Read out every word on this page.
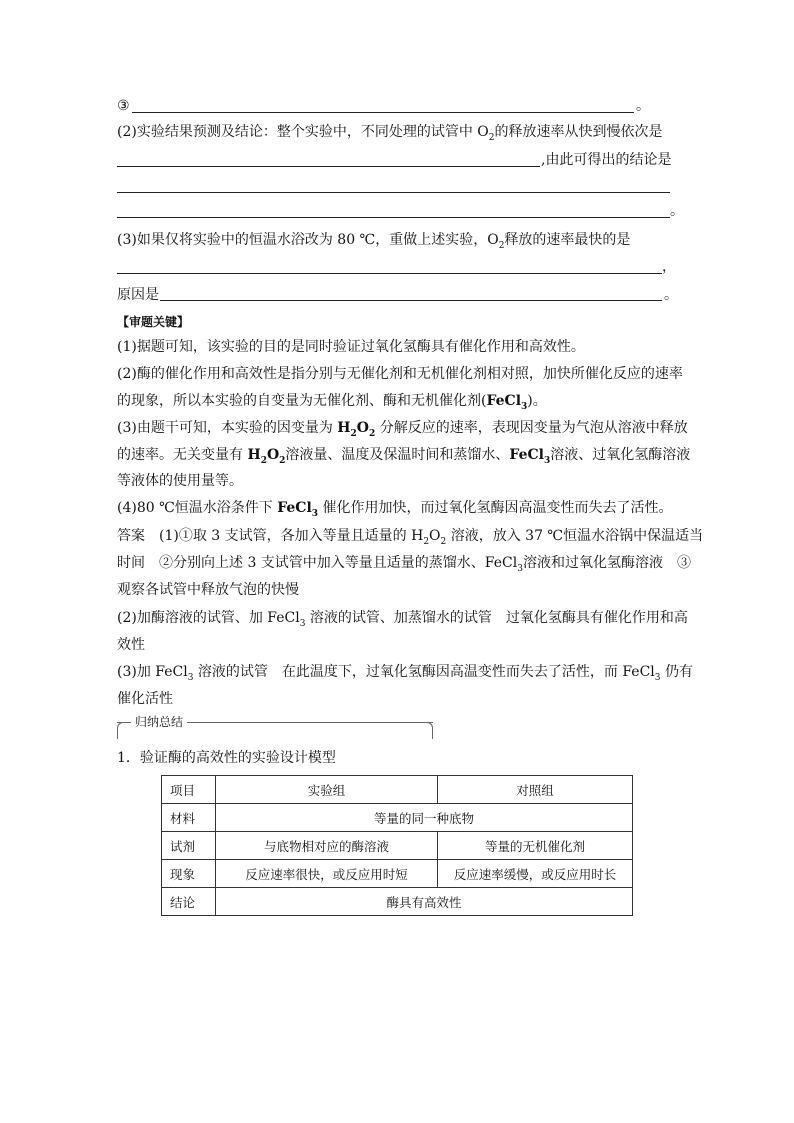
③	。
(2)实验结果预测及结论：整个实验中，不同处理的试管中 $O_2$的释放速率从快到慢依次是
,由此可得出的结论是
。
(3)如果仅将实验中的恒温水浴改为 80 ℃，重做上述实验，$O_2$释放的速率最快的是
，
原因是	。
【审题关键】
(1)据题可知，该实验的目的是同时验证过氧化氢酶具有催化作用和高效性。
(2)酶的催化作用和高效性是指分别与无催化剂和无机催化剂相对照，加快所催化反应的速率
的现象，所以本实验的自变量为无催化剂、酶和无机催化剂(FeCl$_3$)。
(3)由题干可知，本实验的因变量为 $H_2O_2$ 分解反应的速率，表现因变量为气泡从溶液中释放
的速率。无关变量有 $H_2O_2$溶液量、温度及保温时间和蒸馏水、FeCl$_3$溶液、过氧化氢酶溶液
等液体的使用量等。
(4)80 ℃恒温水浴条件下 FeCl$_3$ 催化作用加快，而过氧化氢酶因高温变性而失去了活性。
答案　 (1)①取 3 支试管，各加入等量且适量的 $H_2O_2$ 溶液，放入 37 ℃恒温水浴锅中保温适当
时间　②分别向上述 3 支试管中加入等量且适量的蒸馏水、FeCl$_3$溶液和过氧化氢酶溶液　③
观察各试管中释放气泡的快慢
(2)加酶溶液的试管、加 FeCl$_3$ 溶液的试管、加蒸馏水的试管　过氧化氢酶具有催化作用和高
效性
(3)加 FeCl$_3$ 溶液的试管　在此温度下，过氧化氢酶因高温变性而失去了活性，而 FeCl$_3$ 仍有
催化活性
归纳总结
1．验证酶的高效性的实验设计模型
项目	实验组	对照组
材料	等量的同一种底物	
试剂	与底物相对应的酶溶液	等量的无机催化剂
现象	反应速率很快，或反应用时短	反应速率缓慢，或反应用时长
结论	酶具有高效性	
